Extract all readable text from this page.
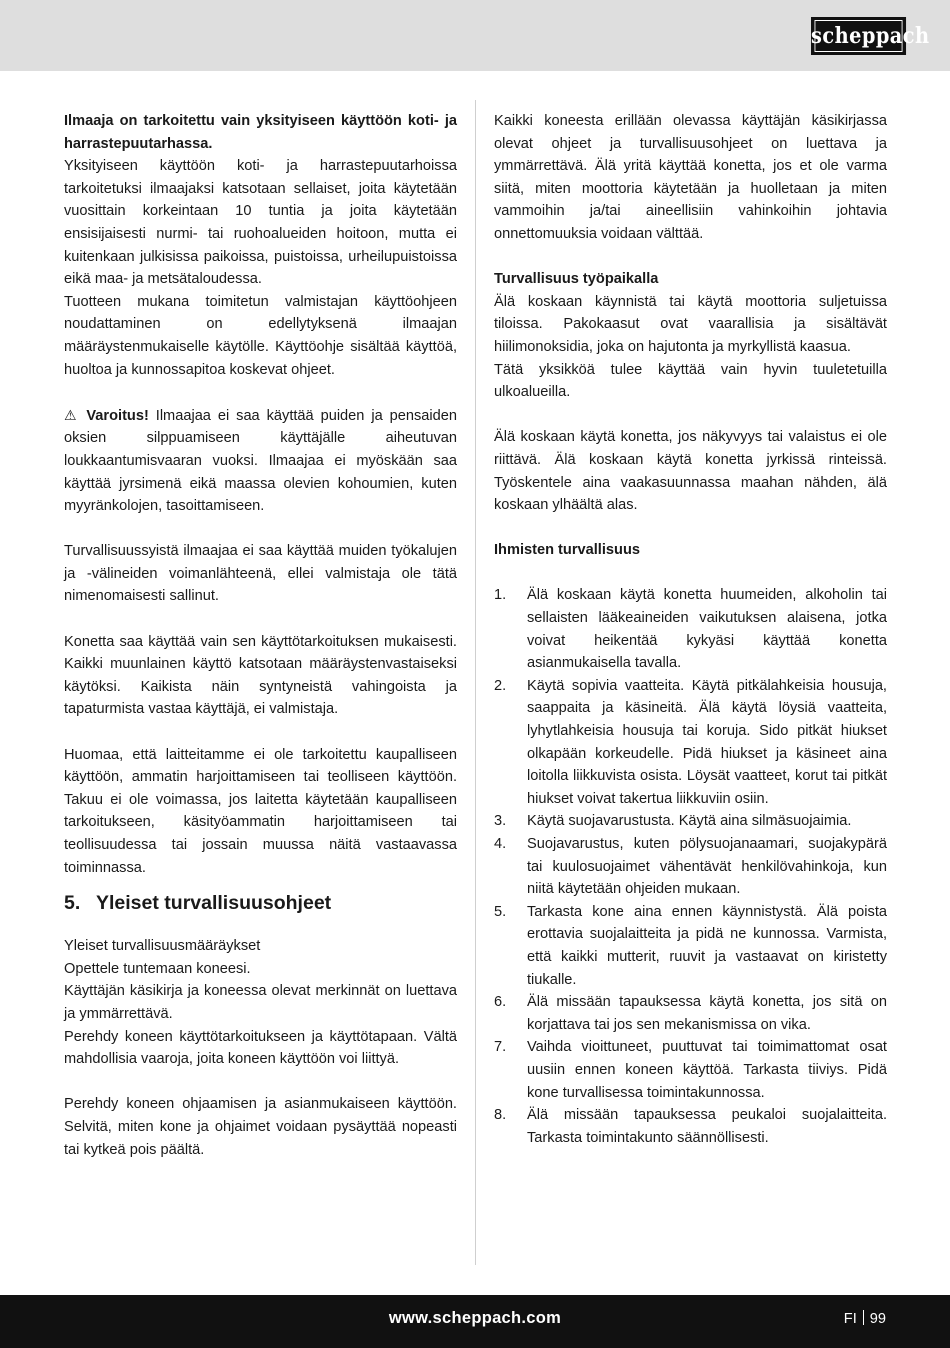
scheppach

Ilmaaja on tarkoitettu vain yksityiseen käyttöön koti- ja harrastepuutarhassa.

Yksityiseen käyttöön koti- ja harrastepuutarhoissa tarkoitetuksi ilmaajaksi katsotaan sellaiset, joita käytetään vuosittain korkeintaan 10 tuntia ja joita käytetään ensisijaisesti nurmi- tai ruohoalueiden hoitoon, mutta ei kuitenkaan julkisissa paikoissa, puistoissa, urheilupuistoissa eikä maa- ja metsätaloudessa.

Tuotteen mukana toimitetun valmistajan käyttöohjeen noudattaminen on edellytyksenä ilmaajan määräystenmukaiselle käytölle. Käyttöohje sisältää käyttöä, huoltoa ja kunnossapitoa koskevat ohjeet.

⚠ Varoitus! Ilmaajaa ei saa käyttää puiden ja pensaiden oksien silppuamiseen käyttäjälle aiheutuvan loukkaantumisvaaran vuoksi. Ilmaajaa ei myöskään saa käyttää jyrsimenä eikä maassa olevien kohoumien, kuten myyränkolojen, tasoittamiseen.

Turvallisuussyistä ilmaajaa ei saa käyttää muiden työkalujen ja -välineiden voimanlähteenä, ellei valmistaja ole tätä nimenomaisesti sallinut.

Konetta saa käyttää vain sen käyttötarkoituksen mukaisesti. Kaikki muunlainen käyttö katsotaan määräystenvastaiseksi käytöksi. Kaikista näin syntyneistä vahingoista ja tapaturmista vastaa käyttäjä, ei valmistaja.

Huomaa, että laitteitamme ei ole tarkoitettu kaupalliseen käyttöön, ammatin harjoittamiseen tai teolliseen käyttöön. Takuu ei ole voimassa, jos laitetta käytetään kaupalliseen tarkoitukseen, käsityöammatin harjoittamiseen tai teollisuudessa tai jossain muussa näitä vastaavassa toiminnassa.

5. Yleiset turvallisuusohjeet

Yleiset turvallisuusmääräykset

Opettele tuntemaan koneesi.

Käyttäjän käsikirja ja koneessa olevat merkinnät on luettava ja ymmärrettävä.

Perehdy koneen käyttötarkoitukseen ja käyttötapaan. Vältä mahdollisia vaaroja, joita koneen käyttöön voi liittyä.

Perehdy koneen ohjaamisen ja asianmukaiseen käyttöön. Selvitä, miten kone ja ohjaimet voidaan pysäyttää nopeasti tai kytkeä pois päältä.

Kaikki koneesta erillään olevassa käyttäjän käsikirjassa olevat ohjeet ja turvallisuusohjeet on luettava ja ymmärrettävä. Älä yritä käyttää konetta, jos et ole varma siitä, miten moottoria käytetään ja huolletaan ja miten vammoihin ja/tai aineellisiin vahinkoihin johtavia onnettomuuksia voidaan välttää.

Turvallisuus työpaikalla

Älä koskaan käynnistä tai käytä moottoria suljetuissa tiloissa. Pakokaasut ovat vaarallisia ja sisältävät hiilimonoksidia, joka on hajutonta ja myrkyllistä kaasua.

Tätä yksikköä tulee käyttää vain hyvin tuuletetuilla ulkoalueilla.

Älä koskaan käytä konetta, jos näkyvyys tai valaistus ei ole riittävä. Älä koskaan käytä konetta jyrkissä rinteissä. Työskentele aina vaakasuunnassa maahan nähden, älä koskaan ylhäältä alas.

Ihmisten turvallisuus

1.	Älä koskaan käytä konetta huumeiden, alkoholin tai sellaisten lääkeaineiden vaikutuksen alaisena, jotka voivat heikentää kykyäsi käyttää konetta asianmukaisella tavalla.
2.	Käytä sopivia vaatteita. Käytä pitkälahkeisia housuja, saappaita ja käsineitä. Älä käytä löysiä vaatteita, lyhytlahkeisia housuja tai koruja. Sido pitkät hiukset olkapään korkeudelle. Pidä hiukset ja käsineet aina loitolla liikkuvista osista. Löysät vaatteet, korut tai pitkät hiukset voivat takertua liikkuviin osiin.
3.	Käytä suojavarustusta. Käytä aina silmäsuojaimia.
4.	Suojavarustus, kuten pölysuojanaamari, suojakypärä tai kuulosuojaimet vähentävät henkilövahinkoja, kun niitä käytetään ohjeiden mukaan.
5.	Tarkasta kone aina ennen käynnistystä. Älä poista erottavia suojalaitteita ja pidä ne kunnossa. Varmista, että kaikki mutterit, ruuvit ja vastaavat on kiristetty tiukalle.
6.	Älä missään tapauksessa käytä konetta, jos sitä on korjattava tai jos sen mekanismissa on vika.
7.	Vaihda vioittuneet, puuttuvat tai toimimattomat osat uusiin ennen koneen käyttöä. Tarkasta tiiviys. Pidä kone turvallisessa toimintakunnossa.
8.	Älä missään tapauksessa peukaloi suojalaitteita. Tarkasta toimintakunto säännöllisesti.
www.scheppach.com	FI 99
